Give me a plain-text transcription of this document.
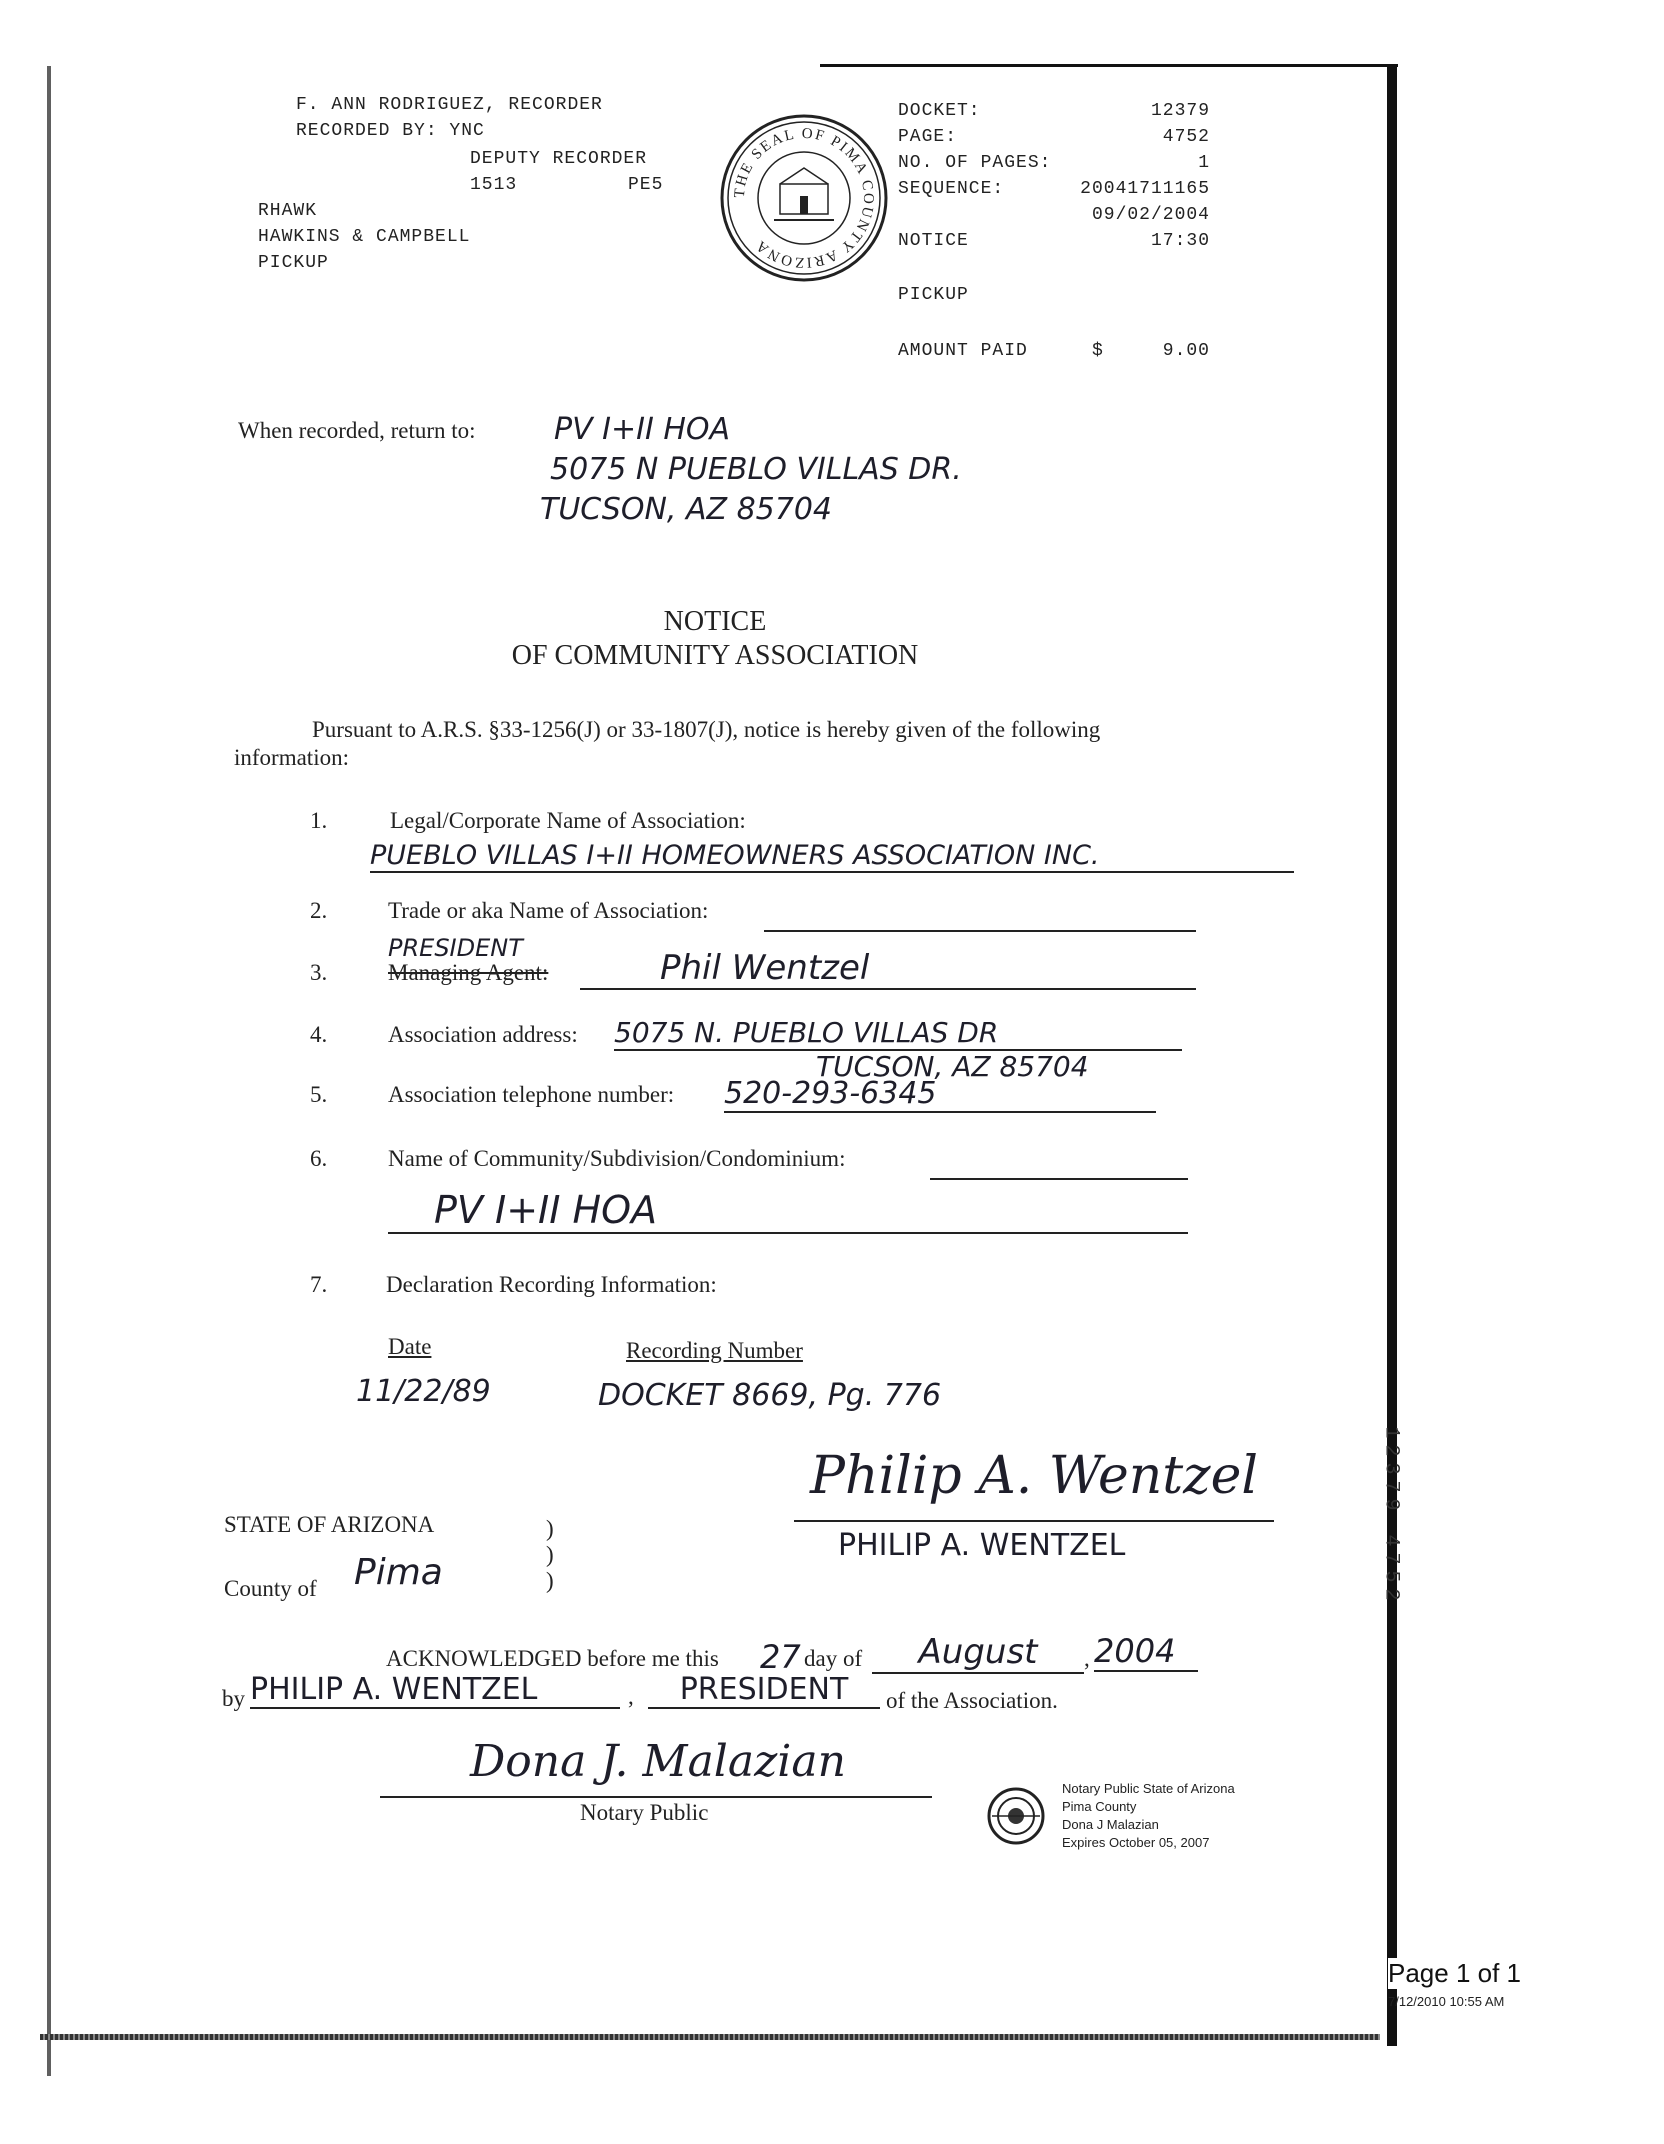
F. ANN RODRIGUEZ, RECORDER
RECORDED BY: YNC
DEPUTY RECORDER
1513	PE5
RHAWK
HAWKINS & CAMPBELL
PICKUP
THE SEAL OF PIMA COUNTY ARIZONA
DOCKET:	12379
PAGE:	4752
NO. OF PAGES:	1
SEQUENCE:	20041711165
09/02/2004
NOTICE	17:30
PICKUP
AMOUNT PAID	$	9.00
When recorded, return to:	PV I+II HOA
5075 N PUEBLO VILLAS DR.
TUCSON, AZ 85704
NOTICE
OF COMMUNITY ASSOCIATION
Pursuant to A.R.S. §33-1256(J) or 33-1807(J), notice is hereby given of the following information:
1.	Legal/Corporate Name of Association:
PUEBLO VILLAS I+II HOMEOWNERS ASSOCIATION INC.
2.	Trade or aka Name of Association:
PRESIDENT
3.	Managing Agent:	Phil Wentzel
4.	Association address: 5075 N. PUEBLO VILLAS DR
TUCSON, AZ 85704
5.	Association telephone number: 520-293-6345
6.	Name of Community/Subdivision/Condominium:
PV I+II HOA
7.	Declaration Recording Information:
Date	Recording Number
11/22/89	DOCKET 8669, Pg. 776
Philip A. Wentzel
PHILIP A. WENTZEL
STATE OF ARIZONA	)
)
)
County of Pima
ACKNOWLEDGED before me this 27 day of	August	, 2004
by PHILIP A. WENTZEL	,	PRESIDENT	of the Association.
Dona J. Malazian
Notary Public
Notary Public State of Arizona
Pima County
Dona J Malazian
Expires October 05, 2007
12379 4752
Page 1 of 1
7/12/2010 10:55 AM
